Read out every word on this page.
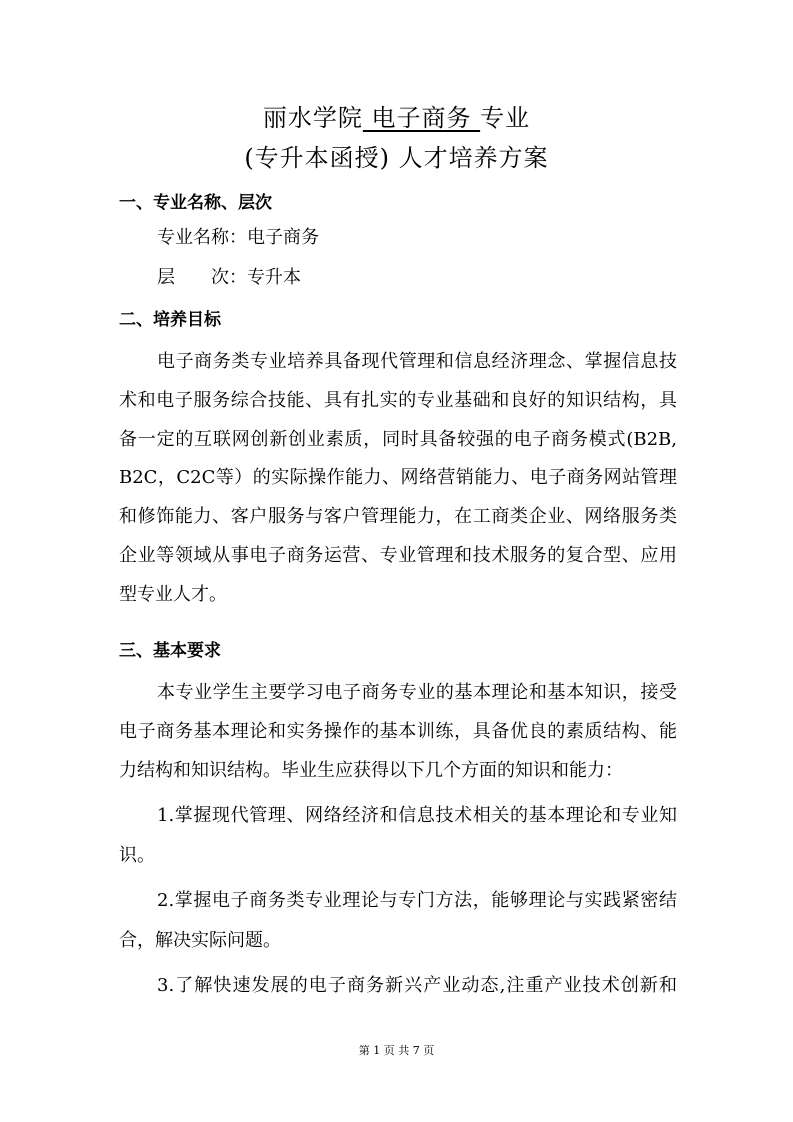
丽水学院 电子商务 专业
(专升本函授) 人才培养方案
一、专业名称、层次
专业名称：电子商务
层　　次：专升本
二、培养目标
电子商务类专业培养具备现代管理和信息经济理念、掌握信息技
术和电子服务综合技能、具有扎实的专业基础和良好的知识结构，具
备一定的互联网创新创业素质，同时具备较强的电子商务模式(B2B,
B2C，C2C等）的实际操作能力、网络营销能力、电子商务网站管理
和修饰能力、客户服务与客户管理能力，在工商类企业、网络服务类
企业等领域从事电子商务运营、专业管理和技术服务的复合型、应用
型专业人才。
三、基本要求
本专业学生主要学习电子商务专业的基本理论和基本知识，接受
电子商务基本理论和实务操作的基本训练，具备优良的素质结构、能
力结构和知识结构。毕业生应获得以下几个方面的知识和能力：
1.掌握现代管理、网络经济和信息技术相关的基本理论和专业知
识。
2.掌握电子商务类专业理论与专门方法，能够理论与实践紧密结
合，解决实际问题。
3.了解快速发展的电子商务新兴产业动态,注重产业技术创新和
第 1 页 共 7 页
